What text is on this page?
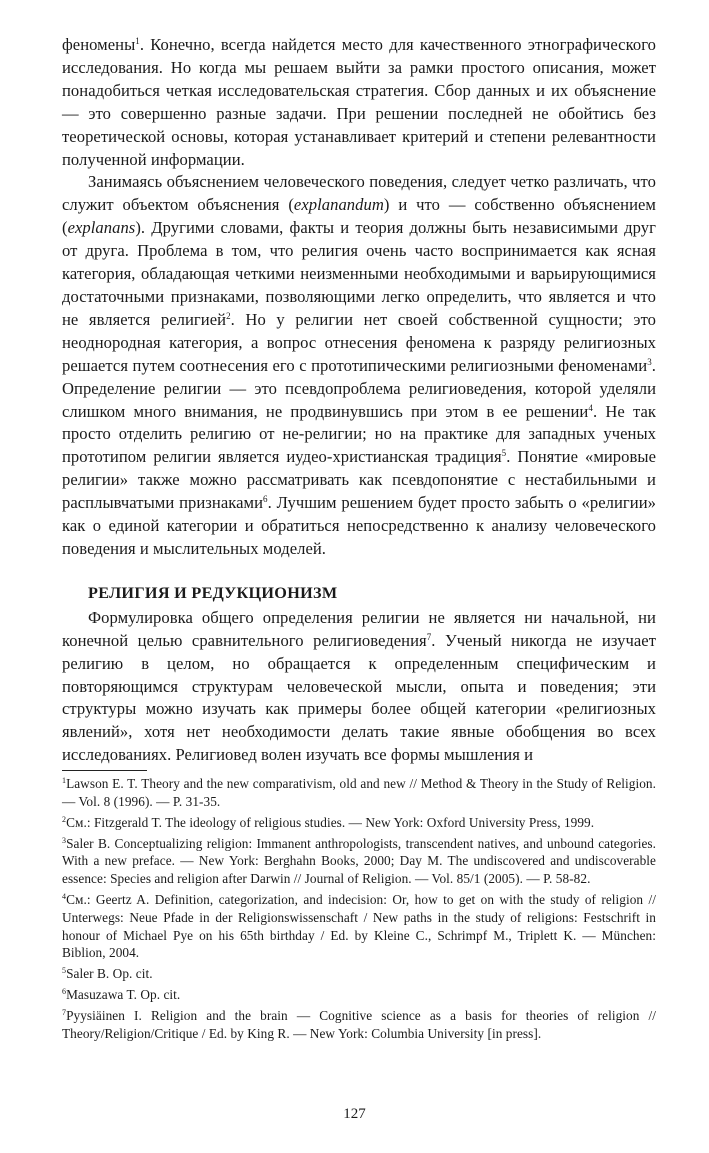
феномены$^1$. Конечно, всегда найдется место для качественного этнографического исследования. Но когда мы решаем выйти за рамки простого описания, может понадобиться четкая исследовательская стратегия. Сбор данных и их объяснение — это совершенно разные задачи. При решении последней не обойтись без теоретической основы, которая устанавливает критерий и степени релевантности полученной информации.

Занимаясь объяснением человеческого поведения, следует четко различать, что служит объектом объяснения (explanandum) и что — собственно объяснением (explanans). Другими словами, факты и теория должны быть независимыми друг от друга. Проблема в том, что религия очень часто воспринимается как ясная категория, обладающая четкими неизменными необходимыми и варьирующимися достаточными признаками, позволяющими легко определить, что является и что не является религией$^2$. Но у религии нет своей собственной сущности; это неоднородная категория, а вопрос отнесения феномена к разряду религиозных решается путем соотнесения его с прототипическими религиозными феноменами$^3$. Определение религии — это псевдопроблема религиоведения, которой уделяли слишком много внимания, не продвинувшись при этом в ее решении$^4$. Не так просто отделить религию от не-религии; но на практике для западных ученых прототипом религии является иудео-христианская традиция$^5$. Понятие «мировые религии» также можно рассматривать как псевдопонятие с нестабильными и расплывчатыми признаками$^6$. Лучшим решением будет просто забыть о «религии» как о единой категории и обратиться непосредственно к анализу человеческого поведения и мыслительных моделей.

РЕЛИГИЯ И РЕДУКЦИОНИЗМ

Формулировка общего определения религии не является ни начальной, ни конечной целью сравнительного религиоведения$^7$. Ученый никогда не изучает религию в целом, но обращается к определенным специфическим и повторяющимся структурам человеческой мысли, опыта и поведения; эти структуры можно изучать как примеры более общей категории «религиозных явлений», хотя нет необходимости делать такие явные обобщения во всех исследованиях. Религиовед волен изучать все формы мышления и

$^1$Lawson E. T. Theory and the new comparativism, old and new // Method & Theory in the Study of Religion. — Vol. 8 (1996). — P. 31-35.

$^2$См.: Fitzgerald T. The ideology of religious studies. — New York: Oxford University Press, 1999.

$^3$Saler B. Conceptualizing religion: Immanent anthropologists, transcendent natives, and unbound categories. With a new preface. — New York: Berghahn Books, 2000; Day M. The undiscovered and undiscoverable essence: Species and religion after Darwin // Journal of Religion. — Vol. 85/1 (2005). — P. 58-82.

$^4$См.: Geertz A. Definition, categorization, and indecision: Or, how to get on with the study of religion // Unterwegs: Neue Pfade in der Religionswissenschaft / New paths in the study of religions: Festschrift in honour of Michael Pye on his 65th birthday / Ed. by Kleine C., Schrimpf M., Triplett K. — München: Biblion, 2004.

$^5$Saler B. Op. cit.

$^6$Masuzawa T. Op. cit.

$^7$Pyysiäinen I. Religion and the brain — Cognitive science as a basis for theories of religion // Theory/Religion/Critique / Ed. by King R. — New York: Columbia University [in press].

127
